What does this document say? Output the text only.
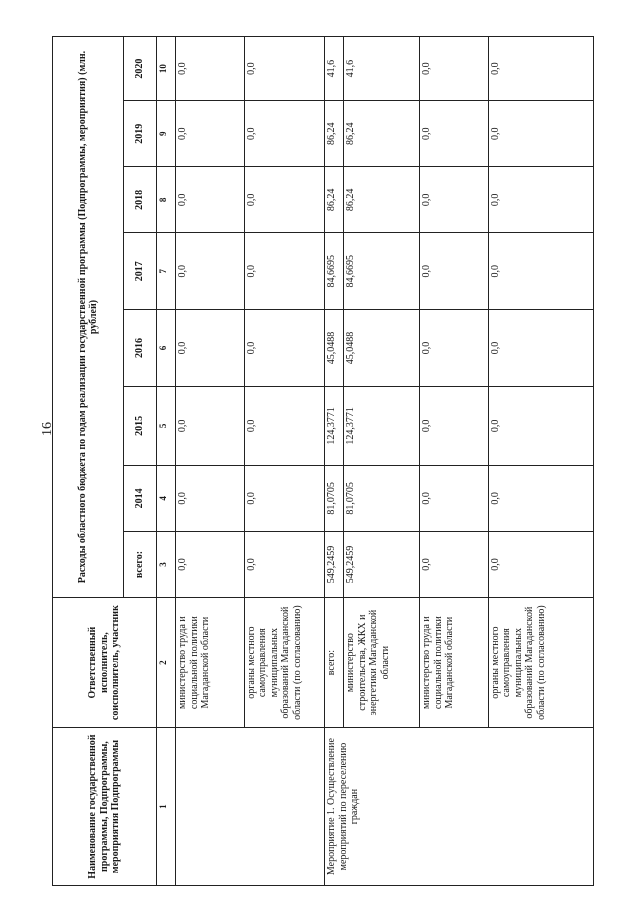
16
Наименование государственной программы, Подпрограммы, мероприятия Подпрограммы	Ответственный исполнитель, соисполнитель, участник	Расходы областного бюджета по годам реализации государственной программы (Подпрограммы, мероприятия) (млн. рублей)							
		всего:	2014	2015	2016	2017	2018	2019	2020
1	2	3	4	5	6	7	8	9	10
	министерство труда и социальной политики Магаданской области	0,0	0,0	0,0	0,0	0,0	0,0	0,0	0,0
	органы местного самоуправления муниципальных образований Магаданской области (по согласованию)	0,0	0,0	0,0	0,0	0,0	0,0	0,0	0,0
Мероприятие 1. Осуществление мероприятий по переселению граждан	всего:	549,2459	81,0705	124,3771	45,0488	84,6695	86,24	86,24	41,6
	министерство строительства, ЖКХ и энергетики Магаданской области	549,2459	81,0705	124,3771	45,0488	84,6695	86,24	86,24	41,6
	министерство труда и социальной политики Магаданской области	0,0	0,0	0,0	0,0	0,0	0,0	0,0	0,0
	органы местного самоуправления муниципальных образований Магаданской области (по согласованию)	0,0	0,0	0,0	0,0	0,0	0,0	0,0	0,0
